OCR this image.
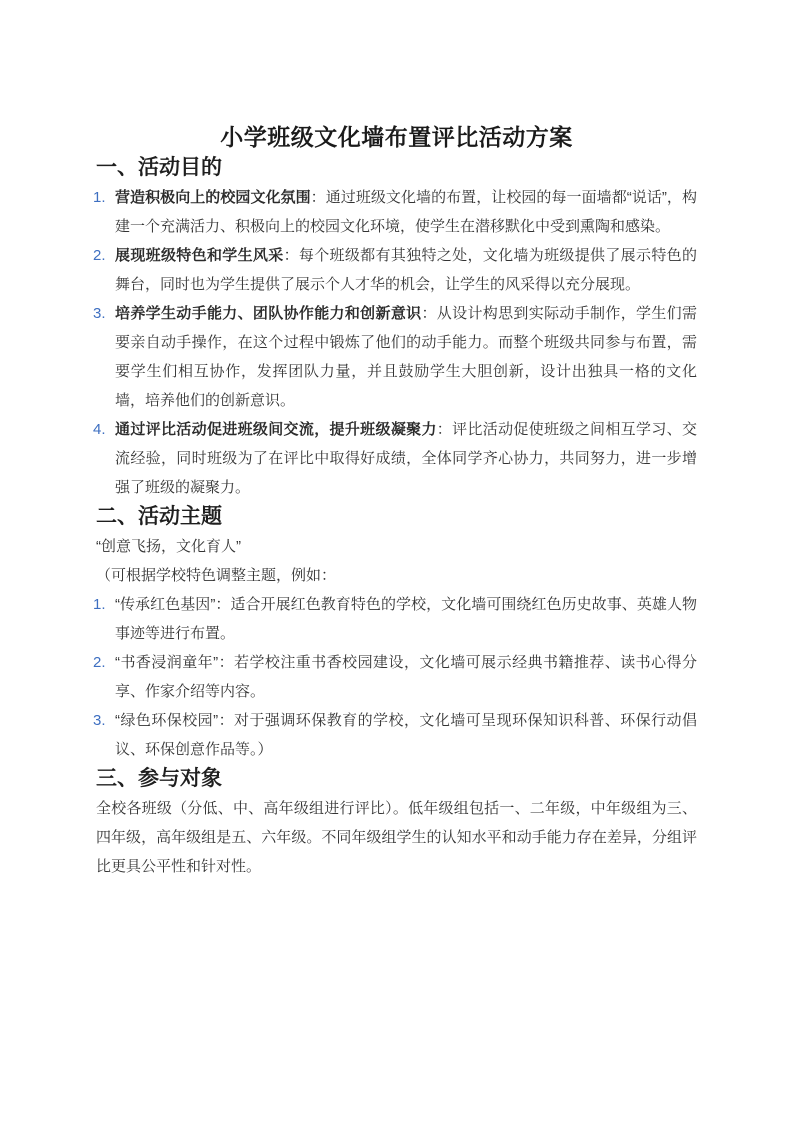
小学班级文化墙布置评比活动方案
一、活动目的
1. 营造积极向上的校园文化氛围：通过班级文化墙的布置，让校园的每一面墙都“说话”，构建一个充满活力、积极向上的校园文化环境，使学生在潜移默化中受到熏陶和感染。

2. 展现班级特色和学生风采：每个班级都有其独特之处，文化墙为班级提供了展示特色的舞台，同时也为学生提供了展示个人才华的机会，让学生的风采得以充分展现。

3. 培养学生动手能力、团队协作能力和创新意识：从设计构思到实际动手制作，学生们需要亲自动手操作，在这个过程中锻炼了他们的动手能力。而整个班级共同参与布置，需要学生们相互协作，发挥团队力量，并且鼓励学生大胆创新，设计出独具一格的文化墙，培养他们的创新意识。

4. 通过评比活动促进班级间交流，提升班级凝聚力：评比活动促使班级之间相互学习、交流经验，同时班级为了在评比中取得好成绩，全体同学齐心协力，共同努力，进一步增强了班级的凝聚力。

二、活动主题

“创意飞扬，文化育人”

（可根据学校特色调整主题，例如：

1. “传承红色基因”：适合开展红色教育特色的学校，文化墙可围绕红色历史故事、英雄人物事迹等进行布置。

2. “书香浸润童年”：若学校注重书香校园建设，文化墙可展示经典书籍推荐、读书心得分享、作家介绍等内容。

3. “绿色环保校园”：对于强调环保教育的学校，文化墙可呈现环保知识科普、环保行动倡议、环保创意作品等。）

三、参与对象

全校各班级（分低、中、高年级组进行评比）。低年级组包括一、二年级，中年级组为三、四年级，高年级组是五、六年级。不同年级组学生的认知水平和动手能力存在差异，分组评比更具公平性和针对性。
